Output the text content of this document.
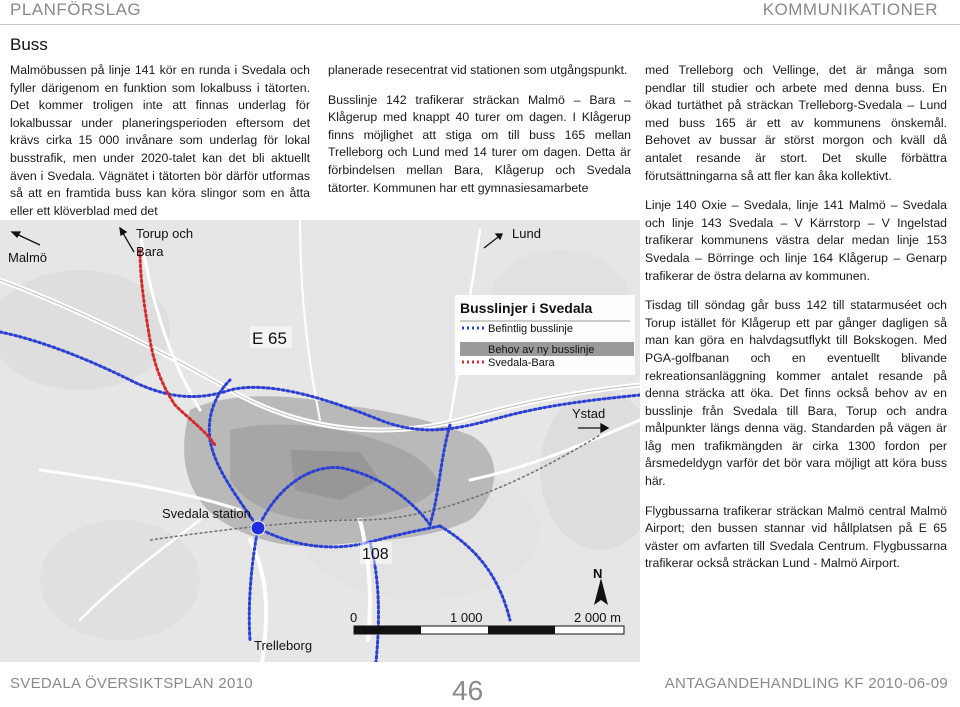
PLANFÖRSLAG	KOMMUNIKATIONER
Buss

Malmöbussen på linje 141 kör en runda i Svedala och fyller därigenom en funktion som lokalbuss i tätorten. Det kommer troligen inte att finnas underlag för lokalbussar under planeringsperioden eftersom det krävs cirka 15 000 invånare som underlag för lokal busstrafik, men under 2020-talet kan det bli aktuellt även i Svedala. Vägnätet i tätorten bör därför utformas så att en framtida buss kan köra slingor som en åtta eller ett klöverblad med det

planerade resecentrat vid stationen som utgångspunkt.

Busslinje 142 trafikerar sträckan Malmö – Bara – Klågerup med knappt 40 turer om dagen. I Klågerup finns möjlighet att stiga om till buss 165 mellan Trelleborg och Lund med 14 turer om dagen. Detta är förbindelsen mellan Bara, Klågerup och Svedala tätorter. Kommunen har ett gymnasiesamarbete

med Trelleborg och Vellinge, det är många som pendlar till studier och arbete med denna buss. En ökad turtäthet på sträckan Trelleborg-Svedala – Lund med buss 165 är ett av kommunens önskemål. Behovet av bussar är störst morgon och kväll då antalet resande är stort. Det skulle förbättra förutsättningarna så att fler kan åka kollektivt.

Linje 140 Oxie – Svedala, linje 141 Malmö – Svedala och linje 143 Svedala – V Kärrstorp – V Ingelstad trafikerar kommunens västra delar medan linje 153 Svedala – Börringe och linje 164 Klågerup – Genarp trafikerar de östra delarna av kommunen.

Tisdag till söndag går buss 142 till statarmuséet och Torup istället för Klågerup ett par gånger dagligen så man kan göra en halvdagsutflykt till Bokskogen. Med PGA-golfbanan och en eventuellt blivande rekreationsanläggning kommer antalet resande på denna sträcka att öka. Det finns också behov av en busslinje från Svedala till Bara, Torup och andra målpunkter längs denna väg. Standarden på vägen är låg men trafikmängden är cirka 1300 fordon per årsmedeldygn varför det bör vara möjligt att köra buss här.

Flygbussarna trafikerar sträckan Malmö central Malmö Airport; den bussen stannar vid hållplatsen på E 65 väster om avfarten till Svedala Centrum. Flygbussarna trafikerar också sträckan Lund - Malmö Airport.

Busslinjer i Svedala
Befintlig busslinje
Behov av ny busslinje
Svedala-Bara
Malmö
Torup och
Bara
E 65
Lund
Ystad
Svedala station
108
Trelleborg
N
0	1 000	2 000 m
SVEDALA ÖVERSIKTSPLAN 2010	46	ANTAGANDEHANDLING KF 2010-06-09
